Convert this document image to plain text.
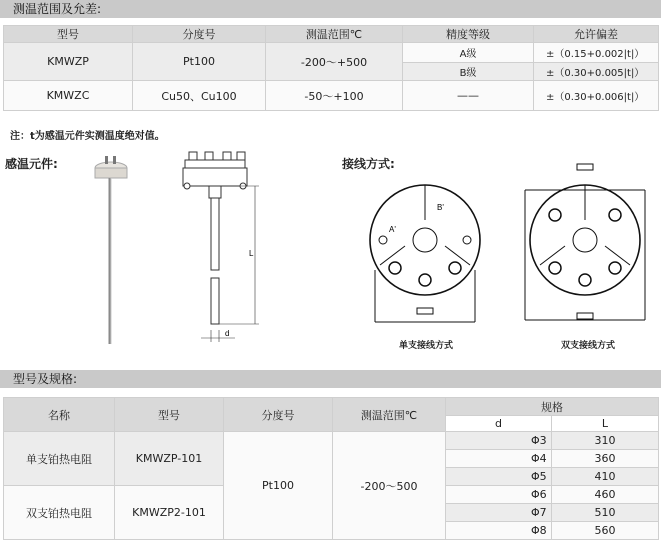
测温范围及允差:
型号	分度号	测温范围℃	精度等级	允许偏差
KMWZP	Pt100	-200～+500	A级	±（0.15+0.002|t|）
			B级	±（0.30+0.005|t|）
KMWZC	Cu50、Cu100	-50～+100	——	±（0.30+0.006|t|）
注：t为感温元件实测温度绝对值。
感温元件:	接线方式:
L
d
A'
B'
单支接线方式	双支接线方式
型号及规格:
名称	型号	分度号	测温范围℃	规格	
				d	L
单支铂热电阻	KMWZP-101	Pt100	-200～500	Φ3	310
				Φ4	360
				Φ5	410
双支铂热电阻	KMWZP2-101			Φ6	460
				Φ7	510
				Φ8	560
